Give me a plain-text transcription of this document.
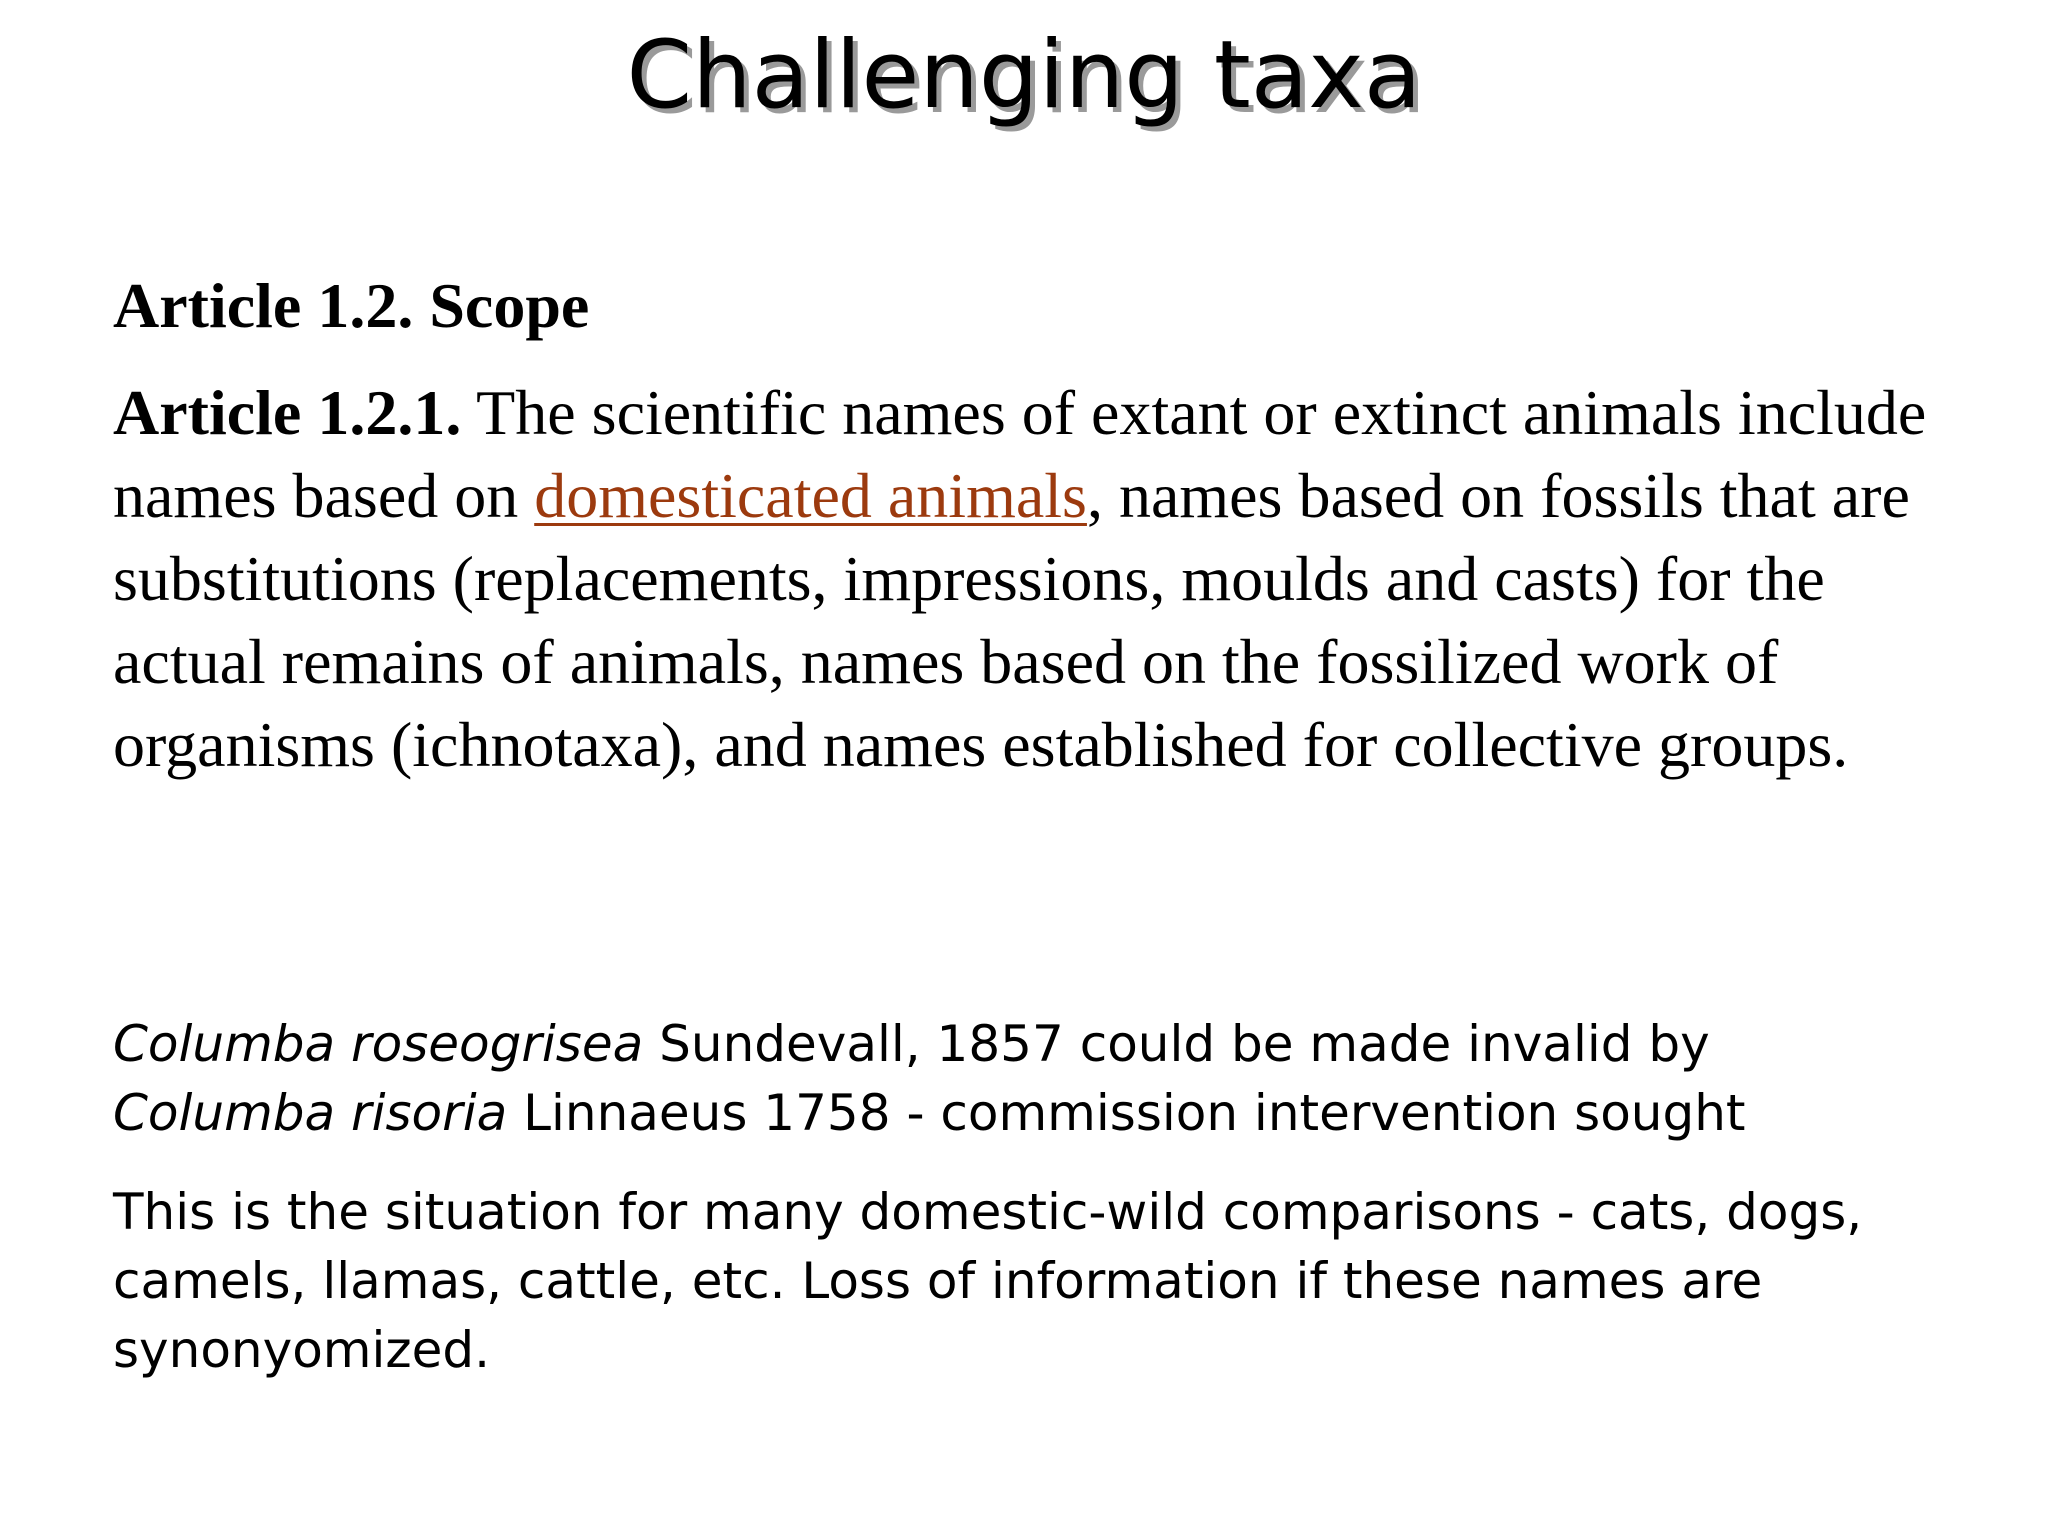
Challenging taxa

Article 1.2. Scope

Article 1.2.1. The scientific names of extant or extinct animals include names based on domesticated animals, names based on fossils that are substitutions (replacements, impressions, moulds and casts) for the actual remains of animals, names based on the fossilized work of organisms (ichnotaxa), and names established for collective groups.

Columba roseogrisea Sundevall, 1857 could be made invalid by
Columba risoria Linnaeus 1758 - commission intervention sought

This is the situation for many domestic-wild comparisons - cats, dogs, camels, llamas, cattle, etc. Loss of information if these names are synonyomized.
